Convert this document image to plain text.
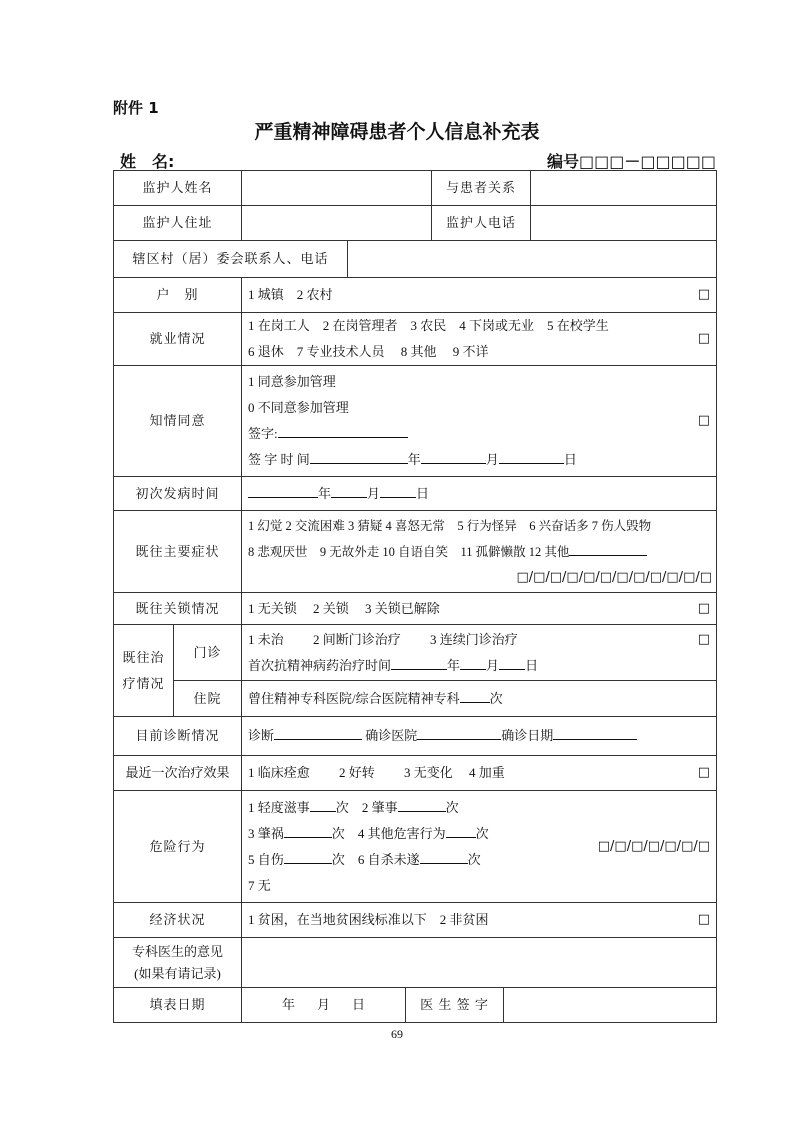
附件 1
严重精神障碍患者个人信息补充表
姓　名:	编号□□□－□□□□□
监护人姓名				与患者关系	
监护人住址				监护人电话	
辖区村（居）委会联系人、电话					
户　别		1 城镇　2 农村 □			

就业情况		1 在岗工人　2 在岗管理者　3 农民　4 下岗或无业　5 在校学生
6 退休　7 专业技术人员　 8 其他　 9 不详
□			

知情同意		1 同意参加管理
0 不同意参加管理
签字:
签 字 时 间 年 月 日
□			

初次发病时间		年 月 日			
既往主要症状		1 幻觉 2 交流困难 3 猜疑 4 喜怒无常　5 行为怪异　6 兴奋话多 7 伤人毁物
8 悲观厌世　9 无故外走 10 自语自笑　11 孤僻懒散 12 其他
□/□/□/□/□/□/□/□/□/□/□/□			

既往关锁情况		1 无关锁　 2 关锁　 3 关锁已解除 □			

既往治疗情况	门诊	1 未治　　 2 间断门诊治疗　　 3 连续门诊治疗 □
首次抗精神病药治疗时间 年 月 日			

	住院	曾住精神专科医院/综合医院精神专科 次			
目前诊断情况		诊断 确诊医院 确诊日期			
最近一次治疗效果		1 临床痊愈　　 2 好转　　 3 无变化　 4 加重 □			

危险行为		1 轻度滋事 次　 2 肇事 次
3 肇祸 次　 4 其他危害行为 次
5 自伤 次　 6 自杀未遂 次
7 无
□/□/□/□/□/□/□			

经济状况		1 贫困，在当地贫困线标准以下　2 非贫困 □			

专科医生的意见
(如果有请记录)					

填表日期		年 月 日 医 生 签 字			
69
